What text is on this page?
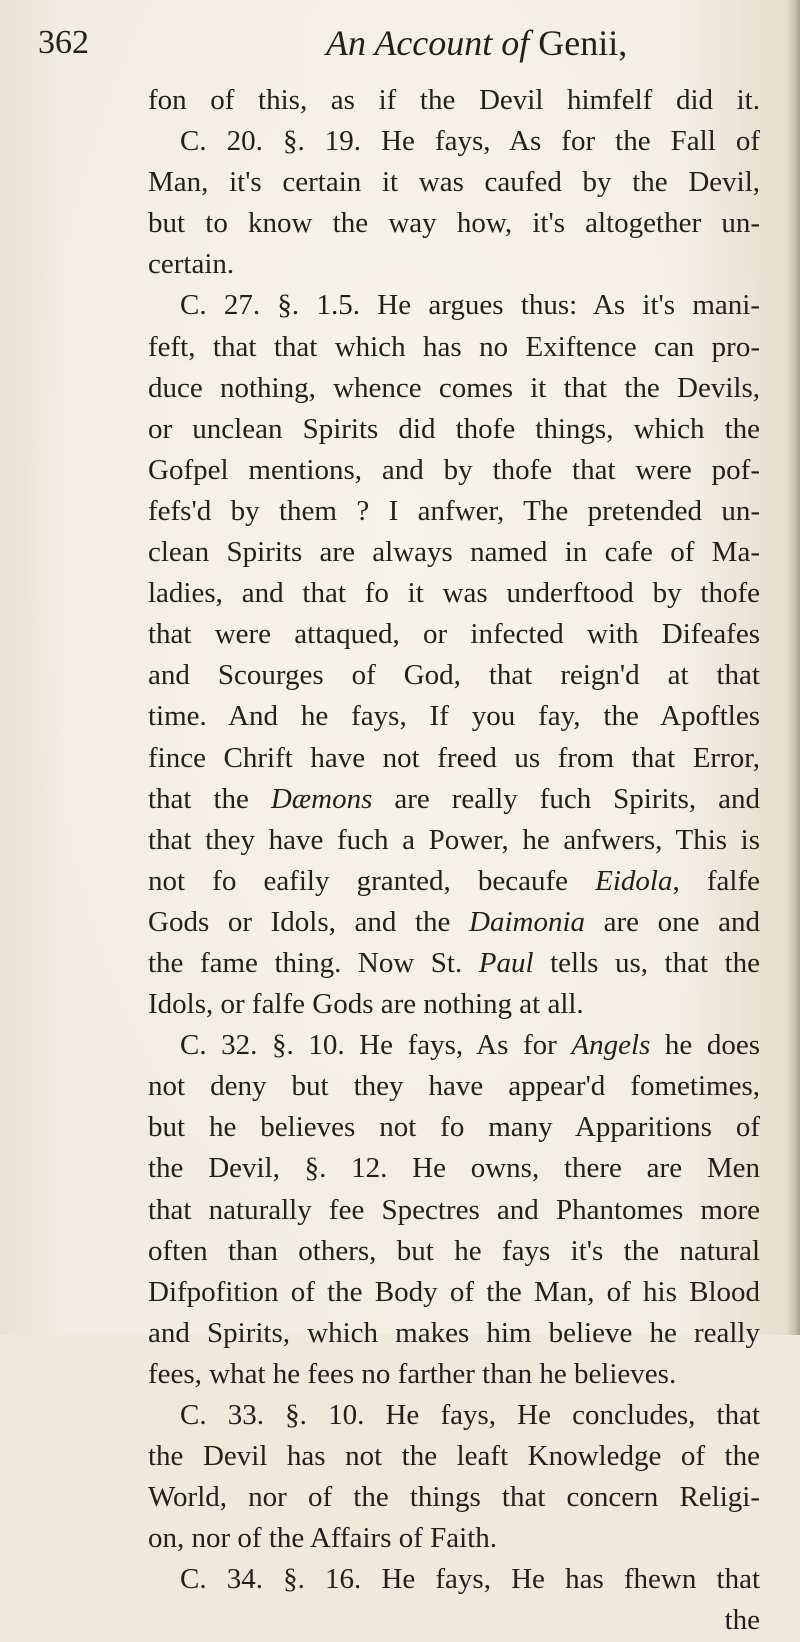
362	An Account of Genii,
fon of this, as if the Devil himfelf did it.
C. 20. §. 19. He fays, As for the Fall of
Man, it's certain it was caufed by the Devil,
but to know the way how, it's altogether un-
certain.
C. 27. §. 1.5. He argues thus: As it's mani-
feft, that that which has no Exiftence can pro-
duce nothing, whence comes it that the Devils,
or unclean Spirits did thofe things, which the
Gofpel mentions, and by thofe that were pof-
fefs'd by them ? I anfwer, The pretended un-
clean Spirits are always named in cafe of Ma-
ladies, and that fo it was underftood by thofe
that were attaqued, or infected with Difeafes
and Scourges of God, that reign'd at that
time. And he fays, If you fay, the Apoftles
fince Chrift have not freed us from that Error,
that the Dæmons are really fuch Spirits, and
that they have fuch a Power, he anfwers, This is
not fo eafily granted, becaufe Eidola, falfe
Gods or Idols, and the Daimonia are one and
the fame thing. Now St. Paul tells us, that the
Idols, or falfe Gods are nothing at all.
C. 32. §. 10. He fays, As for Angels he does
not deny but they have appear'd fometimes,
but he believes not fo many Apparitions of
the Devil, §. 12. He owns, there are Men
that naturally fee Spectres and Phantomes more
often than others, but he fays it's the natural
Difpofition of the Body of the Man, of his Blood
and Spirits, which makes him believe he really
fees, what he fees no farther than he believes.
C. 33. §. 10. He fays, He concludes, that
the Devil has not the leaft Knowledge of the
World, nor of the things that concern Religi-
on, nor of the Affairs of Faith.
C. 34. §. 16. He fays, He has fhewn that
the
